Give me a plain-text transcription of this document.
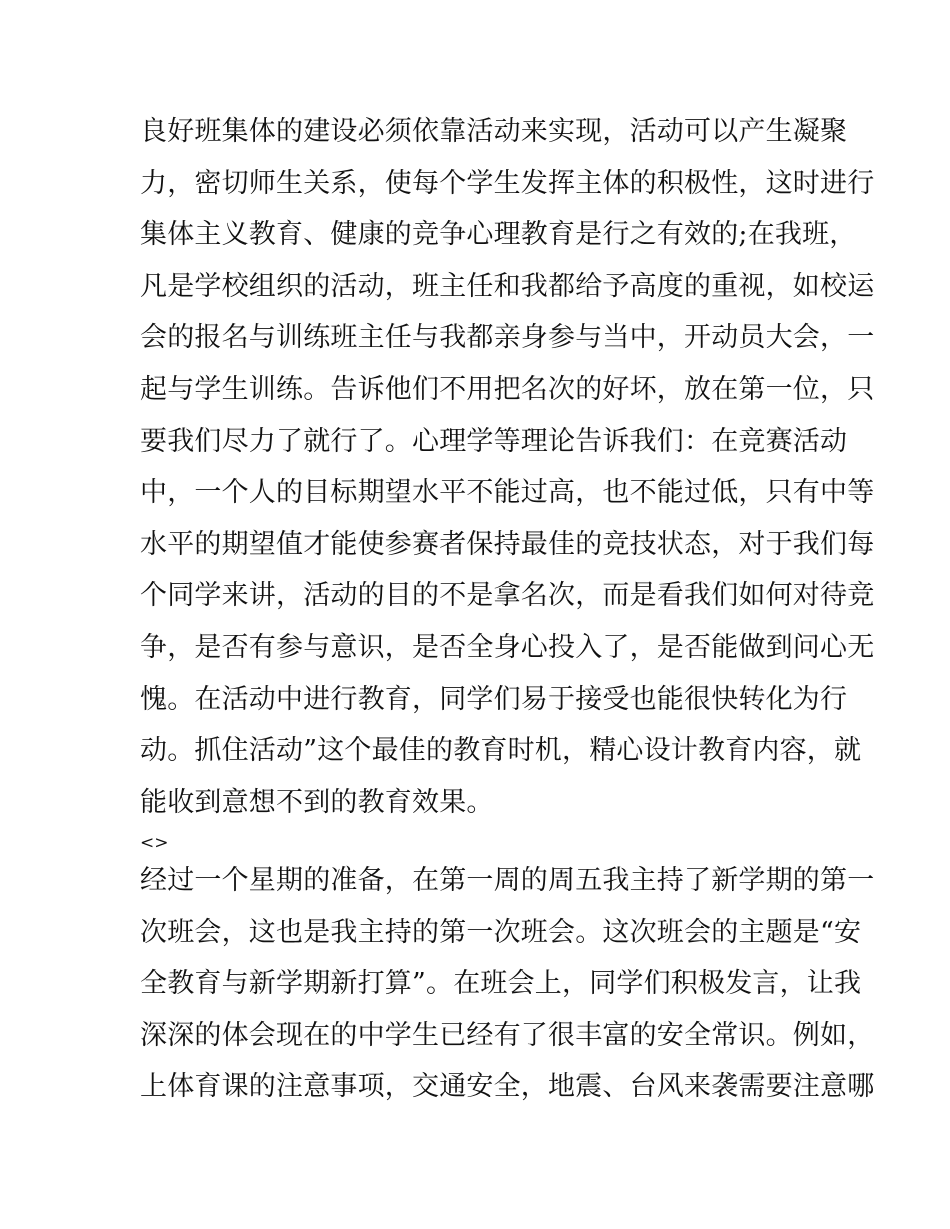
良好班集体的建设必须依靠活动来实现，活动可以产生凝聚
力，密切师生关系，使每个学生发挥主体的积极性，这时进行
集体主义教育、健康的竞争心理教育是行之有效的;在我班，
凡是学校组织的活动，班主任和我都给予高度的重视，如校运
会的报名与训练班主任与我都亲身参与当中，开动员大会，一
起与学生训练。告诉他们不用把名次的好坏，放在第一位，只
要我们尽力了就行了。心理学等理论告诉我们：在竞赛活动
中，一个人的目标期望水平不能过高，也不能过低，只有中等
水平的期望值才能使参赛者保持最佳的竞技状态，对于我们每
个同学来讲，活动的目的不是拿名次，而是看我们如何对待竞
争，是否有参与意识，是否全身心投入了，是否能做到问心无
愧。在活动中进行教育，同学们易于接受也能很快转化为行
动。抓住活动”这个最佳的教育时机，精心设计教育内容，就
能收到意想不到的教育效果。
<>
经过一个星期的准备，在第一周的周五我主持了新学期的第一
次班会，这也是我主持的第一次班会。这次班会的主题是“安
全教育与新学期新打算”。在班会上，同学们积极发言，让我
深深的体会现在的中学生已经有了很丰富的安全常识。例如，
上体育课的注意事项，交通安全，地震、台风来袭需要注意哪
